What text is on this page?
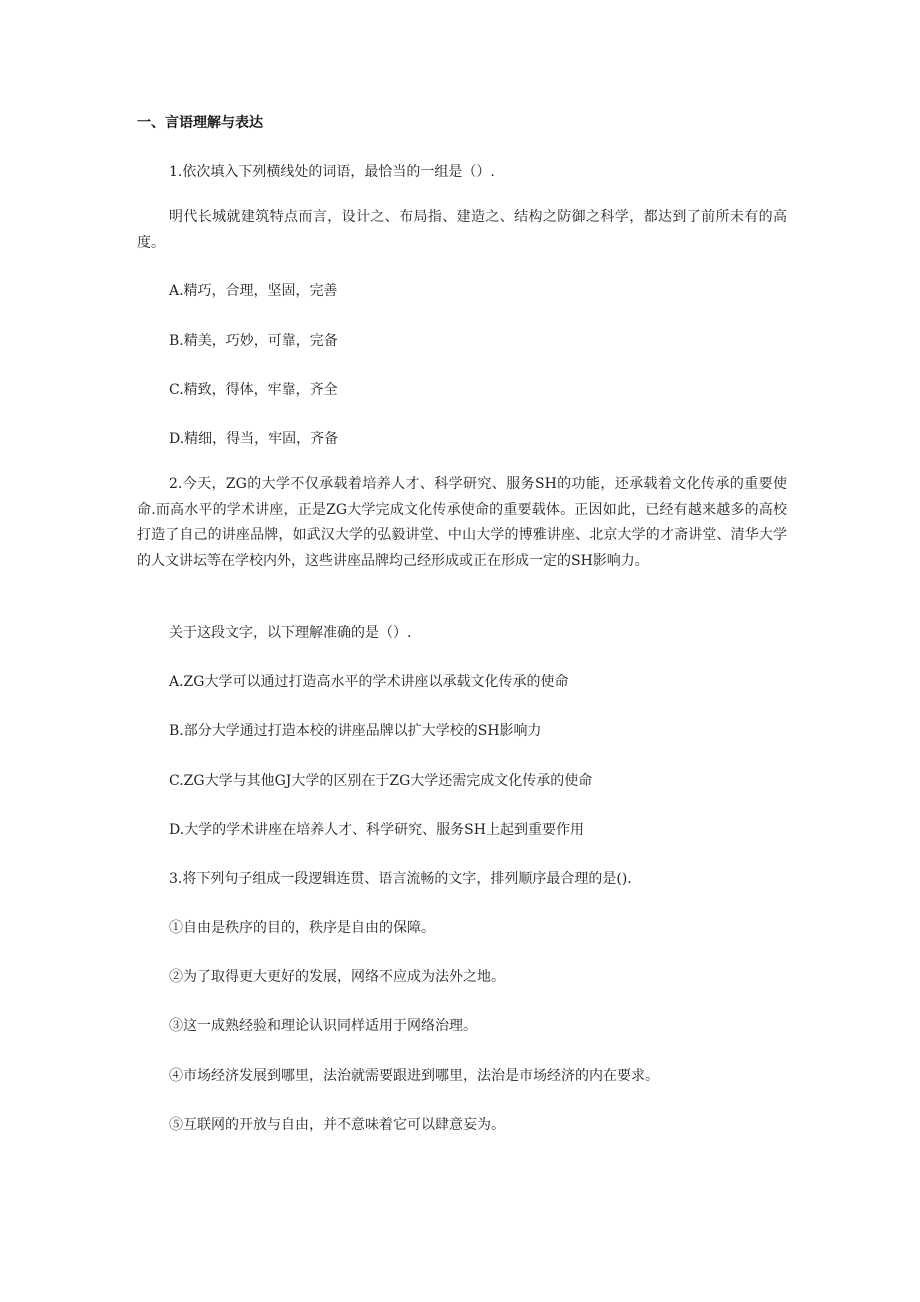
一、言语理解与表达

1.依次填入下列横线处的词语，最恰当的一组是（）.

明代长城就建筑特点而言，设计之、布局指、建造之、结构之防御之科学，都达到了前所未有的高度。

A.精巧，合理，坚固，完善

B.精美，巧妙，可靠，完备

C.精致，得体，牢靠，齐全

D.精细，得当，牢固，齐备

2.今天，ZG的大学不仅承载着培养人才、科学研究、服务SH的功能，还承载着文化传承的重要使命.而高水平的学术讲座，正是ZG大学完成文化传承使命的重要载体。正因如此，已经有越来越多的高校打造了自己的讲座品牌，如武汉大学的弘毅讲堂、中山大学的博雅讲座、北京大学的才斋讲堂、清华大学的人文讲坛等在学校内外，这些讲座品牌均己经形成或正在形成一定的SH影响力。

关于这段文字，以下理解准确的是（）.

A.ZG大学可以通过打造高水平的学术讲座以承载文化传承的使命

B.部分大学通过打造本校的讲座品牌以扩大学校的SH影响力

C.ZG大学与其他GJ大学的区别在于ZG大学还需完成文化传承的使命

D.大学的学术讲座在培养人才、科学研究、服务SH上起到重要作用

3.将下列句子组成一段逻辑连贯、语言流畅的文字，排列顺序最合理的是().

①自由是秩序的目的，秩序是自由的保障。

②为了取得更大更好的发展，网络不应成为法外之地。

③这一成熟经验和理论认识同样适用于网络治理。

④市场经济发展到哪里，法治就需要跟进到哪里，法治是市场经济的内在要求。

⑤互联网的开放与自由，并不意味着它可以肆意妄为。
